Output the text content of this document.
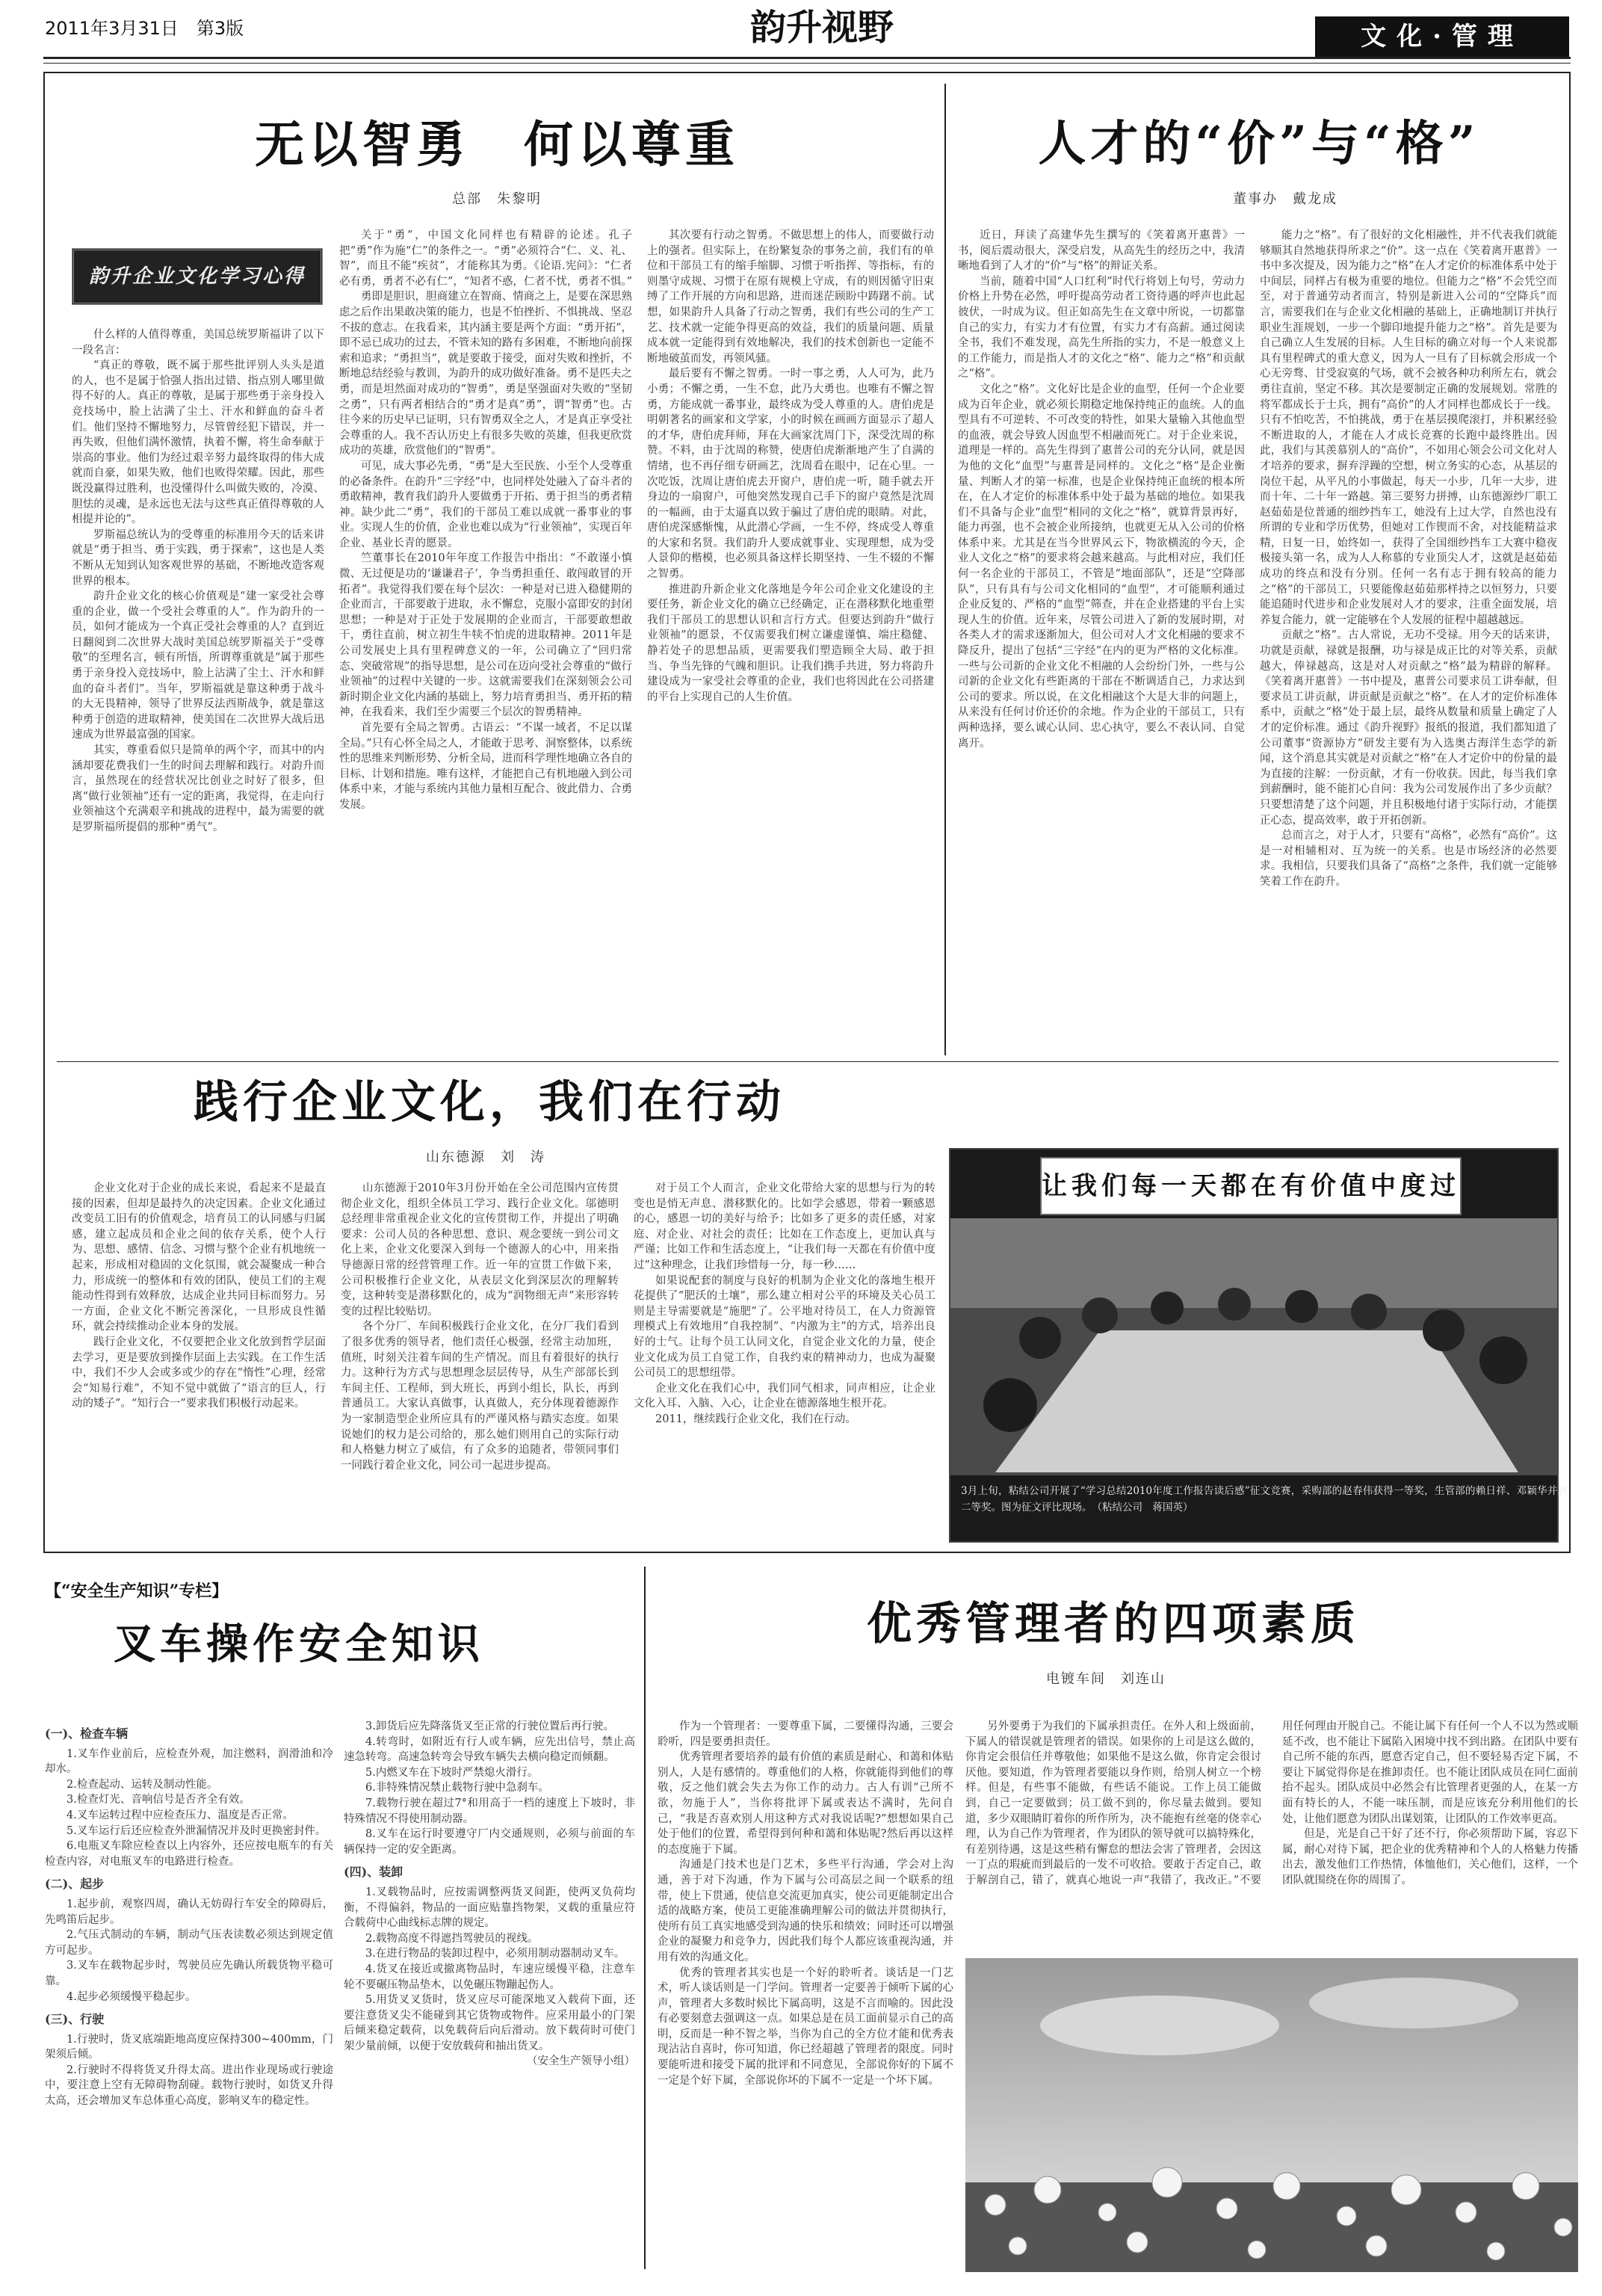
2011年3月31日　第3版	韵升视野	文化·管理
无以智勇　何以尊重
总部　朱黎明
韵升企业文化学习心得

什么样的人值得尊重，美国总统罗斯福讲了以下一段名言：

“真正的尊敬，既不属于那些批评别人头头是道的人，也不是属于恰强人指出过错、指点别人哪里做得不好的人。真正的尊敬，是属于那些勇于亲身投入竞技场中，脸上沾满了尘土、汗水和鲜血的奋斗者们。他们坚持不懈地努力，尽管曾经犯下错误，并一再失败，但他们满怀激情，执着不懈，将生命奉献于崇高的事业。他们为经过艰辛努力最终取得的伟大成就而自豪，如果失败，他们也败得荣耀。因此，那些既没赢得过胜利，也没懂得什么叫做失败的，冷漠、胆怯的灵魂，是永远也无法与这些真正值得尊敬的人相提并论的”。

罗斯福总统认为的受尊重的标准用今天的话来讲就是“勇于担当、勇于实践，勇于探索”，这也是人类不断从无知到认知客观世界的基础，不断地改造客观世界的根本。

韵升企业文化的核心价值观是“建一家受社会尊重的企业，做一个受社会尊重的人”。作为韵升的一员，如何才能成为一个真正受社会尊重的人？直到近日翻阅到二次世界大战时美国总统罗斯福关于“受尊敬”的至理名言，顿有所悟，所谓尊重就是“属于那些勇于亲身投入竞技场中，脸上沾满了尘土、汗水和鲜血的奋斗者们”。当年，罗斯福就是靠这种勇于战斗的大无畏精神，领导了世界反法西斯战争，就是靠这种勇于创造的进取精神，使美国在二次世界大战后迅速成为世界最富强的国家。

其实，尊重看似只是简单的两个字，而其中的内涵却要花费我们一生的时间去理解和践行。对韵升而言，虽然现在的经营状况比创业之时好了很多，但离“做行业领袖”还有一定的距离，我觉得，在走向行业领袖这个充满艰辛和挑战的进程中，最为需要的就是罗斯福所提倡的那种“勇气”。

关于“勇”，中国文化同样也有精辟的论述。孔子把“勇”作为施“仁”的条件之一。“勇”必须符合“仁、义、礼、智”，而且不能“疾贫”，才能称其为勇。《论语.宪问》：“仁者必有勇，勇者不必有仁”，“知者不惑，仁者不忧，勇者不惧。”

勇即是胆识，胆商建立在智商、情商之上，是要在深思熟虑之后作出果敢决策的能力，也是不怕挫折、不惧挑战、坚忍不拔的意志。在我看来，其内涵主要是两个方面：“勇开拓”，即不忌已成功的过去，不管未知的路有多困难，不断地向前探索和追求；“勇担当”，就是要敢于接受，面对失败和挫折，不断地总结经验与教训，为韵升的成功做好准备。勇不是匹夫之勇，而是坦然面对成功的“智勇”，勇是坚强面对失败的“坚韧之勇”，只有两者相结合的“勇才是真“勇”，谓“智勇”也。古往今来的历史早已证明，只有智勇双全之人，才是真正享受社会尊重的人。我不否认历史上有很多失败的英雄，但我更欣赏成功的英雄，欣赏他们的“智勇”。

可见，成大事必先勇，“勇”是大至民族、小至个人受尊重的必备条件。在韵升“三字经”中，也同样处处融入了奋斗者的勇敢精神，教育我们韵升人要做勇于开拓、勇于担当的勇者精神。缺少此二“勇”，我们的干部员工难以成就一番事业的事业。实现人生的价值，企业也难以成为“行业领袖”，实现百年企业、基业长青的愿景。

竺董事长在2010年年度工作报告中指出：“不敢谨小慎微、无过便是功的‘谦谦君子’，争当勇担重任、敢闯敢冒的开拓者”。我觉得我们要在每个层次：一种是对已进入稳健期的企业而言，干部要敢于进取，永不懈怠，克服小富即安的封闭思想；一种是对于正处于发展期的企业而言，干部要敢想敢干，勇往直前，树立初生牛犊不怕虎的进取精神。2011年是公司发展史上具有里程碑意义的一年，公司确立了“回归常态、突破常规”的指导思想，是公司在迈向受社会尊重的“做行业领袖”的过程中关键的一步。这就需要我们在深刻领会公司新时期企业文化内涵的基础上，努力培育勇担当、勇开拓的精神，在我看来，我们至少需要三个层次的智勇精神。

首先要有全局之智勇。古语云：“不谋一域者，不足以谋全局。”只有心怀全局之人，才能敢于思考、洞察整体，以系统性的思维来判断形势、分析全局，进而科学理性地确立各自的目标、计划和措施。唯有这样，才能把自己有机地融入到公司体系中来，才能与系统内其他力量相互配合、彼此借力、合勇发展。

其次要有行动之智勇。不做思想上的伟人，而要做行动上的强者。但实际上，在纷繁复杂的事务之前，我们有的单位和干部员工有的缩手缩脚、习惯于听指挥、等指标，有的则墨守成规、习惯于在原有规模上守成，有的则因循守旧束缚了工作开展的方向和思路，进而迷茫顾盼中踌躇不前。试想，如果韵升人具备了行动之智勇，我们有些公司的生产工艺、技术就一定能争得更高的效益，我们的质量问题、质量成本就一定能得到有效地解决，我们的技术创新也一定能不断地破茧而发，再领风骚。

最后要有不懈之智勇。一时一事之勇，人人可为，此乃小勇；不懈之勇，一生不怠，此乃大勇也。也唯有不懈之智勇，方能成就一番事业，最终成为受人尊重的人。唐伯虎是明朝著名的画家和文学家，小的时候在画画方面显示了超人的才华，唐伯虎拜师，拜在大画家沈周门下，深受沈周的称赞。不料，由于沈周的称赞，使唐伯虎渐渐地产生了自满的情绪，也不再仔细专研画艺，沈周看在眼中，记在心里。一次吃饭，沈周让唐伯虎去开窗户，唐伯虎一听，随手就去开身边的一扇窗户，可他突然发现自己手下的窗户竟然是沈周的一幅画，由于太逼真以致于骗过了唐伯虎的眼睛。对此，唐伯虎深感惭愧，从此潜心学画，一生不停，终成受人尊重的大家和名贤。我们韵升人要成就事业、实现理想，成为受人景仰的楷模，也必须具备这样长期坚持、一生不辍的不懈之智勇。

推进韵升新企业文化落地是今年公司企业文化建设的主要任务，新企业文化的确立已经确定，正在潜移默化地重塑我们干部员工的思想认识和言行方式。但要达到韵升“做行业领袖”的愿景，不仅需要我们树立谦虚谨慎、端庄稳健、静若处子的思想品质，更需要我们塑造顾全大局、敢于担当、争当先锋的气魄和胆识。让我们携手共进，努力将韵升建设成为一家受社会尊重的企业，我们也将因此在公司搭建的平台上实现自己的人生价值。

人才的“价”与“格”
董事办　戴龙成

近日，拜读了高建华先生撰写的《笑着离开惠普》一书，阅后震动很大，深受启发，从高先生的经历之中，我清晰地看到了人才的“价”与“格”的辩证关系。

当前，随着中国“人口红利”时代行将划上句号，劳动力价格上升势在必然，呼吁提高劳动者工资待遇的呼声也此起彼伏，一时成为议。但正如高先生在文章中所说，一切都靠自己的实力，有实力才有位置，有实力才有高薪。通过阅读全书，我们不难发现，高先生所指的实力，不是一般意义上的工作能力，而是指人才的文化之“格”、能力之“格”和贡献之“格”。

文化之“格”。文化好比是企业的血型，任何一个企业要成为百年企业，就必须长期稳定地保持纯正的血统。人的血型具有不可逆转、不可改变的特性，如果大量输入其他血型的血液，就会导致人因血型不相融而死亡。对于企业来说，道理是一样的。高先生得到了惠普公司的充分认同，就是因为他的文化“血型”与惠普是同样的。文化之“格”是企业衡量、判断人才的第一标准，也是企业保持纯正血统的根本所在，在人才定价的标准体系中处于最为基础的地位。如果我们不具备与企业“血型”相同的文化之“格”，就算背景再好，能力再强，也不会被企业所接纳，也就更无从入公司的价格体系中来。尤其是在当今世界风云下，物欲横流的今天，企业人文化之“格”的要求将会越来越高。与此相对应，我们任何一名企业的干部员工，不管是“地面部队”，还是“空降部队”，只有具有与公司文化相同的“血型”，才可能顺利通过企业反复的、严格的“血型”筛查，并在企业搭建的平台上实现人生的价值。近年来，尽管公司进入了新的发展时期，对各类人才的需求逐渐加大，但公司对人才文化相融的要求不降反升，提出了包括“三字经”在内的更为严格的文化标准。一些与公司新的企业文化不相融的人会纷纷门外，一些与公司新的企业文化有些距离的干部在不断调适自己，力求达到公司的要求。所以说，在文化相融这个大是大非的问题上，从来没有任何讨价还价的余地。作为企业的干部员工，只有两种选择，要么诚心认同、忠心执守，要么不表认同、自觉离开。

能力之“格”。有了很好的文化相融性，并不代表我们就能够顺其自然地获得所求之“价”。这一点在《笑着离开惠普》一书中多次提及，因为能力之“格”在人才定价的标准体系中处于中间层，同样占有极为重要的地位。但能力之“格”不会凭空而至，对于普通劳动者而言，特别是新进入公司的“空降兵”而言，需要我们在与企业文化相融的基础上，正确地制订并执行职业生涯规划，一步一个脚印地提升能力之“格”。首先是要为自己确立人生发展的目标。人生目标的确立对每一个人来说都具有里程碑式的重大意义，因为人一旦有了目标就会形成一个心无旁骛、甘受寂寞的气场，就不会被各种功利所左右，就会勇往直前，坚定不移。其次是要制定正确的发展规划。常胜的将军都成长于士兵，拥有“高价”的人才同样也都成长于一线。只有不怕吃苦，不怕挑战，勇于在基层摸爬滚打，并积累经验不断进取的人，才能在人才成长竞赛的长跑中最终胜出。因此，我们与其羡慕别人的“高价”，不如用心领会公司文化对人才培养的要求，摒弃浮躁的空想，树立务实的心态，从基层的岗位干起，从平凡的小事做起，每天一小步，几年一大步，进而十年、二十年一路越。第三要努力拼搏，山东德源纱厂职工赵茹茹是位普通的细纱挡车工，她没有上过大学，自然也没有所谓的专业和学历优势，但她对工作锲而不舍，对技能精益求精，日复一日，始终如一，获得了全国细纱挡车工大赛中稳夜极接头第一名，成为人人称慕的专业顶尖人才，这就是赵茹茹成功的终点和没有分别。任何一名有志于拥有较高的能力之“格”的干部员工，只要能像赵茹茹那样持之以恒努力，只要能追随时代进步和企业发展对人才的要求，注重全面发展，培养复合能力，就一定能够在个人发展的征程中超越越远。

贡献之“格”。古人常说，无功不受禄。用今天的话来讲，功就是贡献，禄就是报酬，功与禄是成正比的对等关系，贡献越大，俸禄越高，这是对人对贡献之“格”最为精辟的解释。《笑着离开惠普》一书中提及，惠普公司要求员工讲奉献，但要求员工讲贡献，讲贡献是贡献之“格”。在人才的定价标准体系中，贡献之“格”处于最上层，最终从数量和质量上确定了人才的定价标准。通过《韵升视野》报纸的报道，我们都知道了公司董事“资源协方”研发主要有为入选奥古海洋生态学的新闻，这个消息其实就是对贡献之“格”在人才定价中的份量的最为直接的注解：一份贡献，才有一份收获。因此，每当我们拿到薪酬时，能不能扪心自问：我为公司发展作出了多少贡献？只要想清楚了这个问题，并且积极地付诸于实际行动，才能摆正心态，提高效率，敢于开拓创新。

总而言之，对于人才，只要有“高格”，必然有“高价”。这是一对相辅相对、互为统一的关系。也是市场经济的必然要求。我相信，只要我们具备了“高格”之条件，我们就一定能够笑着工作在韵升。

践行企业文化，我们在行动
山东德源　刘　涛

企业文化对于企业的成长来说，看起来不是最直接的因素，但却是最持久的决定因素。企业文化通过改变员工旧有的价值观念，培育员工的认同感与归属感，建立起成员和企业之间的依存关系，使个人行为、思想、感情、信念、习惯与整个企业有机地统一起来，形成相对稳固的文化氛围，就会凝聚成一种合力，形成统一的整体和有效的团队，使员工们的主观能动性得到有效释放，达成企业共同目标而努力。另一方面，企业文化不断完善深化，一旦形成良性循环，就会持续推动企业本身的发展。

践行企业文化，不仅要把企业文化放到哲学层面去学习，更是要放到操作层面上去实践。在工作生活中，我们不少人会或多或少的存在“惰性”心理，经常会“知易行难”，不知不觉中就做了“语言的巨人，行动的矮子”。“知行合一”要求我们积极行动起来。

山东德源于2010年3月份开始在全公司范围内宣传贯彻企业文化，组织全体员工学习、践行企业文化。邬德明总经理非常重视企业文化的宣传贯彻工作，并提出了明确要求：公司人员的各种思想、意识、观念要统一到公司文化上来，企业文化要深入到每一个德源人的心中，用来指导德源日常的经营管理工作。近一年的宣贯工作做下来，公司积极推行企业文化，从表层文化到深层次的理解转变，这种转变是潜移默化的，成为“润物细无声”来形容转变的过程比较贴切。

各个分厂、车间积极践行企业文化，在分厂我们看到了很多优秀的领导者，他们责任心极强，经常主动加班，值班，时刻关注着车间的生产情况。而且有着很好的执行力。这种行为方式与思想理念层层传导，从生产部部长到车间主任、工程师，到大班长，再到小组长，队长，再到普通员工。大家认真做事，认真做人，充分体现着德源作为一家制造型企业所应具有的严谨风格与踏实态度。如果说她们的权力是公司给的，那么她们则用自己的实际行动和人格魅力树立了威信，有了众多的追随者，带领同事们一同践行着企业文化，同公司一起进步提高。

对于员工个人而言，企业文化带给大家的思想与行为的转变也是悄无声息、潜移默化的。比如学会感恩，带着一颗感恩的心，感恩一切的美好与给予；比如多了更多的责任感，对家庭、对企业、对社会的责任；比如在工作态度上，更加认真与严谨；比如工作和生活态度上，“让我们每一天都在有价值中度过”这种理念，让我们珍惜每一分，每一秒……

如果说配套的制度与良好的机制为企业文化的落地生根开花提供了“肥沃的土壤”，那么建立相对公平的环境及关心员工则是主导需要就是“施肥”了。公平地对待员工，在人力资源管理模式上有效地用“自我控制”、“内激为主”的方式，培养出良好的士气。让每个员工认同文化，自觉企业文化的力量，使企业文化成为员工自觉工作，自我约束的精神动力，也成为凝聚公司员工的思想纽带。

企业文化在我们心中，我们同气相求，同声相应，让企业文化入耳、入脑、入心，让企业在德源落地生根开花。

2011，继续践行企业文化，我们在行动。

让我们每一天都在有价值中度过
3月上旬，粘结公司开展了“学习总结2010年度工作报告读后感”征文竞赛，采购部的赵春伟获得一等奖，生管部的赖日祥、邓颖华并获二等奖。图为征文评比现场。　（粘结公司　蒋国英）
【“安全生产知识”专栏】
叉车操作安全知识

(一)、检查车辆

1.叉车作业前后，应检查外观，加注燃料，润滑油和冷却水。

2.检查起动、运转及制动性能。

3.检查灯光、音响信号是否齐全有效。

4.叉车运转过程中应检查压力、温度是否正常。

5.叉车运行后还应检查外泄漏情况并及时更换密封件。

6.电瓶叉车除应检查以上内容外，还应按电瓶车的有关检查内容，对电瓶叉车的电路进行检查。

(二)、起步

1.起步前，观察四周，确认无妨碍行车安全的障碍后，先鸣笛后起步。

2.气压式制动的车辆，制动气压表读数必须达到规定值方可起步。

3.叉车在载物起步时，驾驶员应先确认所载货物平稳可靠。

4.起步必须缓慢平稳起步。

(三)、行驶

1.行驶时，货叉底端距地高度应保持300~400mm，门架须后倾。

2.行驶时不得将货叉升得太高。进出作业现场或行驶途中，要注意上空有无障碍物刮碰。载物行驶时，如货叉升得太高，还会增加叉车总体重心高度，影响叉车的稳定性。

3.卸货后应先降落货叉至正常的行驶位置后再行驶。

4.转弯时，如附近有行人或车辆，应先出信号，禁止高速急转弯。高速急转弯会导致车辆失去横向稳定而倾翻。

5.内燃叉车在下坡时严禁熄火滑行。

6.非特殊情况禁止载物行驶中急刹车。

7.载物行驶在超过7°和用高于一档的速度上下坡时，非特殊情况不得使用制动器。

8.叉车在运行时要遵守厂内交通规则，必须与前面的车辆保持一定的安全距离。

(四)、装卸

1.叉载物品时，应按需调整两货叉间距，使两叉负荷均衡，不得偏斜，物品的一面应贴靠挡物架，叉载的重量应符合载荷中心曲线标志牌的规定。

2.载物高度不得遮挡驾驶员的视线。

3.在进行物品的装卸过程中，必须用制动器制动叉车。

4.货叉在接近或撤离物品时，车速应缓慢平稳，注意车轮不要碾压物品垫木，以免碾压物蹦起伤人。

5.用货叉叉货时，货叉应尽可能深地叉入载荷下面，还要注意货叉尖不能碰到其它货物或物件。应采用最小的门架后倾来稳定载荷，以免载荷后向后滑动。放下载荷时可使门架少量前倾，以便于安放载荷和抽出货叉。

（安全生产领导小组）

优秀管理者的四项素质
电镀车间　刘连山

作为一个管理者：一要尊重下属，二要懂得沟通，三要会聆听，四是要勇担责任。

优秀管理者要培养的最有价值的素质是耐心、和蔼和体贴别人，人是有感情的。尊重他们的人格，你就能得到他们的尊敬，反之他们就会失去为你工作的动力。古人有训“己所不欲，勿施于人”，当你将批评下属或表达不满时，先问自己，“我是否喜欢别人用这种方式对我说话呢?”想想如果自己处于他们的位置，希望得到何种和蔼和体贴呢?然后再以这样的态度施于下属。

沟通是门技术也是门艺术，多些平行沟通，学会对上沟通，善于对下沟通，作为下属与公司高层之间一个联系的纽带，使上下贯通，使信息交流更加真实，使公司更能制定出合适的战略方案，使员工更能准确理解公司的做法并贯彻执行，使所有员工真实地感受到沟通的快乐和绩效；同时还可以增强企业的凝聚力和竞争力，因此我们每个人都应该重视沟通，并用有效的沟通文化。

优秀的管理者其实也是一个好的聆听者。谈话是一门艺术，听人谈话则是一门学问。管理者一定要善于倾听下属的心声，管理者大多数时候比下属高明，这是不言而喻的。因此没有必要刻意去强调这一点。如果总是在员工面前显示自己的高明，反而是一种不智之举，当你为自己的全方位才能和优秀表现沾沾自喜时，你可知道，你已经超越了管理者的限度。同时要能听进和接受下属的批评和不同意见，全部说你好的下属不一定是个好下属，全部说你坏的下属不一定是一个坏下属。

另外要勇于为我们的下属承担责任。在外人和上级面前，下属人的错误就是管理者的错误。如果你的上司是这么做的，你肯定会很信任并尊敬他；如果他不是这么做，你肯定会很讨厌他。要知道，作为管理者要能以身作则，给别人树立一个榜样。但是，有些事不能做，有些话不能说。工作上员工能做到，自己一定要做到；员工做不到的，你尽量去做到。要知道，多少双眼睛盯着你的所作所为，决不能抱有丝毫的侥幸心理，认为自己作为管理者，作为团队的领导就可以搞特殊化，有差别待遇，这是这些稍有懈怠的想法会害了管理者，会因这一丁点的瑕疵而到最后的一发不可收拾。要敢于否定自己，敢于解剖自己，错了，就真心地说一声“我错了，我改正。”不要用任何理由开脱自己。不能让属下有任何一个人不以为然或顺延不改，也不能让下属陷入困境中找不到出路。在团队中要有自己所不能的东西，愿意否定自己，但不要轻易否定下属，不要让下属觉得你是在推卸责任。也不能让团队成员在同仁面前抬不起头。团队成员中必然会有比管理者更强的人，在某一方面有特长的人，不能一味压制，而是应该充分利用他们的长处，让他们愿意为团队出谋划策，让团队的工作效率更高。

但是，光是自己干好了还不行，你必须帮助下属，容忍下属，耐心对待下属，把企业的优秀精神和个人的人格魅力传播出去，激发他们工作热情，体恤他们，关心他们，这样，一个团队就围绕在你的周围了。
